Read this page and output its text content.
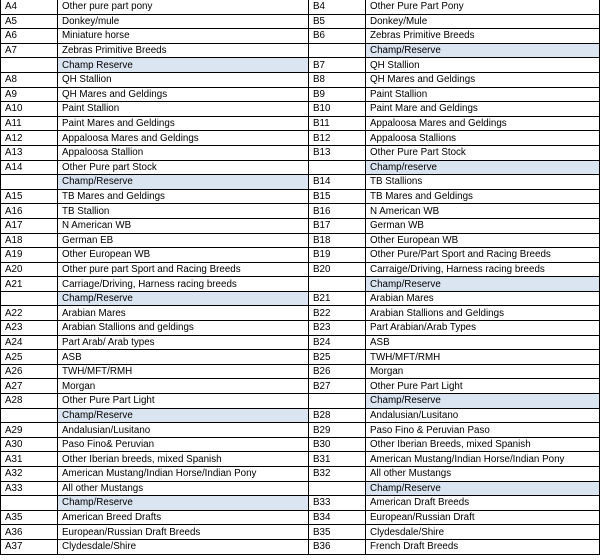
A4	Other pure part pony	B4	Other Pure Part Pony
A5	Donkey/mule	B5	Donkey/Mule
A6	Miniature horse	B6	Zebras Primitive Breeds
A7	Zebras Primitive Breeds		Champ/Reserve
	Champ Reserve	B7	QH Stallion
A8	QH Stallion	B8	QH Mares and Geldings
A9	QH Mares and Geldings	B9	Paint Stallion
A10	Paint Stallion	B10	Paint Mare and Geldings
A11	Paint Mares and Geldings	B11	Appaloosa Mares and Geldings
A12	Appaloosa Mares and Geldings	B12	Appaloosa Stallions
A13	Appaloosa Stallion	B13	Other Pure Part Stock
A14	Other Pure part Stock		Champ/reserve
	Champ/Reserve	B14	TB Stallions
A15	TB Mares and Geldings	B15	TB Mares and Geldings
A16	TB Stallion	B16	N American WB
A17	N American WB	B17	German WB
A18	German EB	B18	Other European WB
A19	Other European WB	B19	Other Pure/Part Sport and Racing Breeds
A20	Other pure part Sport and Racing Breeds	B20	Carraige/Driving, Harness racing breeds
A21	Carriage/Driving, Harness racing breeds		Champ/Reserve
	Champ/Reserve	B21	Arabian Mares
A22	Arabian Mares	B22	Arabian Stallions and Geldings
A23	Arabian Stallions and geldings	B23	Part Arabian/Arab Types
A24	Part Arab/ Arab types	B24	ASB
A25	ASB	B25	TWH/MFT/RMH
A26	TWH/MFT/RMH	B26	Morgan
A27	Morgan	B27	Other Pure Part Light
A28	Other Pure Part Light		Champ/Reserve
	Champ/Reserve	B28	Andalusian/Lusitano
A29	Andalusian/Lusitano	B29	Paso Fino & Peruvian Paso
A30	Paso Fino& Peruvian	B30	Other Iberian Breeds, mixed Spanish
A31	Other Iberian breeds, mixed Spanish	B31	American Mustang/Indian Horse/Indian Pony
A32	American Mustang/Indian Horse/Indian Pony	B32	All other Mustangs
A33	All other Mustangs		Champ/Reserve
	Champ/Reserve	B33	American Draft Breeds
A35	American Breed Drafts	B34	European/Russian Draft
A36	European/Russian Draft Breeds	B35	Clydesdale/Shire
A37	Clydesdale/Shire	B36	French Draft Breeds
